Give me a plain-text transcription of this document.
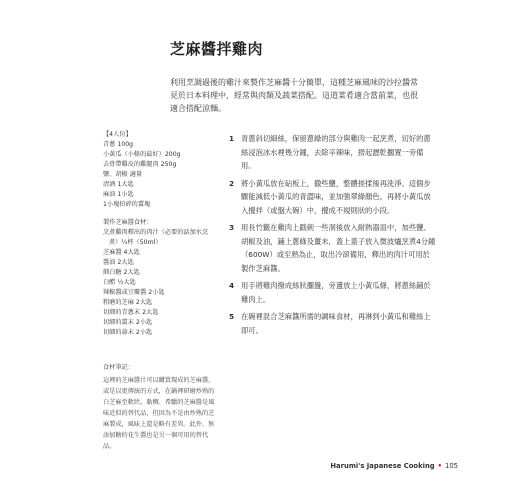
芝麻醬拌雞肉
利用烹調過後的雞汁來製作芝麻醬十分簡單，這種芝麻風味的沙拉醬常見於日本料理中，經常與肉類及蔬菜搭配。這道菜肴適合當前菜，也很適合搭配涼麵。
【4人份】
青蔥 100g
小黃瓜（小條的最好）200g
去骨帶雞皮的雞腿肉 250g
鹽、胡椒 適量
清酒 1大匙
麻油 1小匙
1小塊拍碎的薑塊
製作芝麻醬食材：
烹煮雞肉釋出的肉汁（必要的話加水烹
煮）¼杯（50ml）
芝麻醬 4大匙
醬油 2大匙
細白糖 2大匙
白醋 ½大匙
辣椒醬或豆瓣醬 2小匙
粗磨的芝麻 2大匙
切細的青蔥末 2大匙
切細的薑末 2小匙
切細的蒜末 2小匙
1 青蔥斜切細絲，保留蔥綠的部分與雞肉一起烹煮，切好的蔥絲浸泡冰水裡幾分鐘，去除辛辣味，撈起瀝乾擱置一旁備用。
2 將小黃瓜放在砧板上，撒些鹽，整體搓揉後再洗淨。這個步驟能減低小黃瓜的青澀味，並加強翠綠顏色。再將小黃瓜放入攪拌（或盤大碗）中，攪成不規則狀的小段。
3 用長竹籤在雞肉上戳刺一些洞後放入耐熱器皿中，加些鹽、胡椒及油，鋪上蔥綠及薑末，蓋上蓋子放入微波爐烹煮4分鐘（600W）或至熟為止，取出冷卻備用，釋出的肉汁可用於製作芝麻醬。
4 用手將雞肉撥成絲狀擱盤，旁邊放上小黃瓜條，將蔥絲鋪於雞肉上。
5 在碗裡混合芝麻醬所需的調味食材，再淋到小黃瓜和雞絲上即可。
食材筆記：
這裡的芝麻醬汁可以購買現成的芝麻醬，或是以更傳統的方式，在鍋裡研磨炒熟的白芝麻至軟狀。黏稠、希臘的芝麻醬是風味近似的替代品，但因為不是由炒熟的芝麻製成，風味上還是略有差異。此外，無添加糖的花生醬也是另一個可用的替代品。
Harumi's Japanese Cooking • 105
